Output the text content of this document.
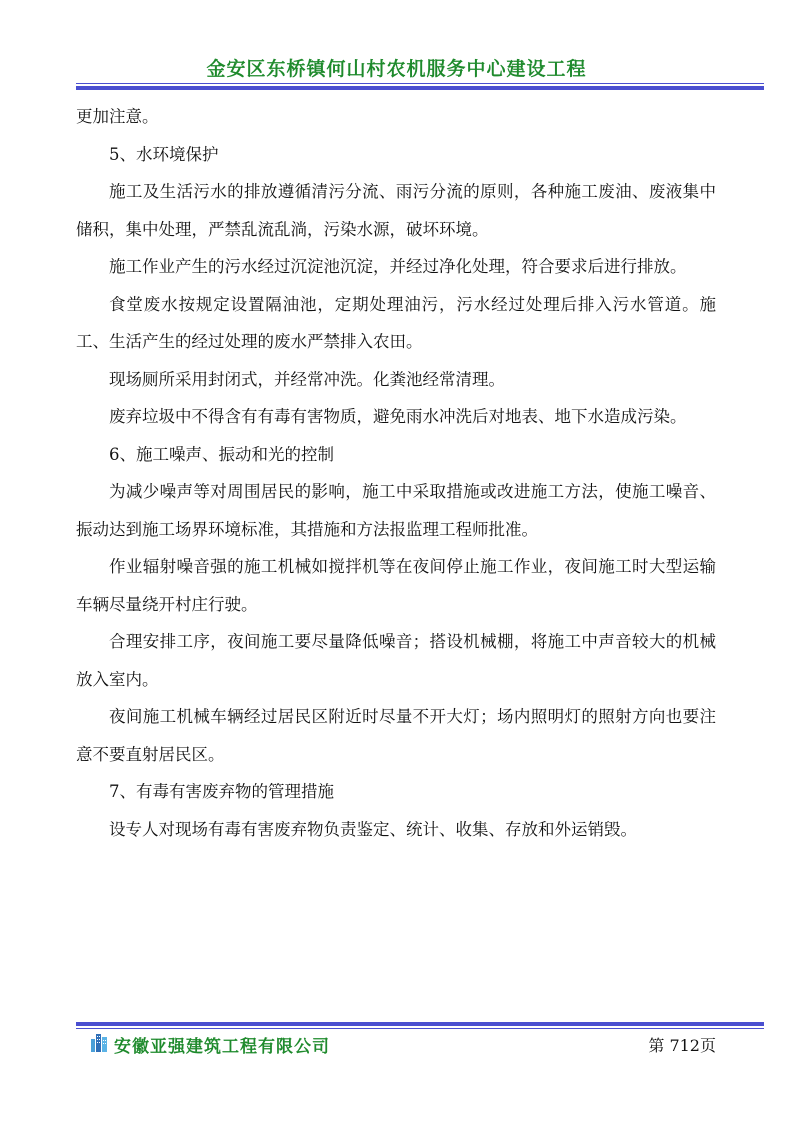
金安区东桥镇何山村农机服务中心建设工程

更加注意。

5、水环境保护

施工及生活污水的排放遵循清污分流、雨污分流的原则，各种施工废油、废液集中储积，集中处理，严禁乱流乱淌，污染水源，破坏环境。

施工作业产生的污水经过沉淀池沉淀，并经过净化处理，符合要求后进行排放。

食堂废水按规定设置隔油池，定期处理油污，污水经过处理后排入污水管道。施工、生活产生的经过处理的废水严禁排入农田。

现场厕所采用封闭式，并经常冲洗。化粪池经常清理。

废弃垃圾中不得含有有毒有害物质，避免雨水冲洗后对地表、地下水造成污染。

6、施工噪声、振动和光的控制

为减少噪声等对周围居民的影响，施工中采取措施或改进施工方法，使施工噪音、振动达到施工场界环境标准，其措施和方法报监理工程师批准。

作业辐射噪音强的施工机械如搅拌机等在夜间停止施工作业，夜间施工时大型运输车辆尽量绕开村庄行驶。

合理安排工序，夜间施工要尽量降低噪音；搭设机械棚，将施工中声音较大的机械放入室内。

夜间施工机械车辆经过居民区附近时尽量不开大灯；场内照明灯的照射方向也要注意不要直射居民区。

7、有毒有害废弃物的管理措施

设专人对现场有毒有害废弃物负责鉴定、统计、收集、存放和外运销毁。

安徽亚强建筑工程有限公司	第 712页
